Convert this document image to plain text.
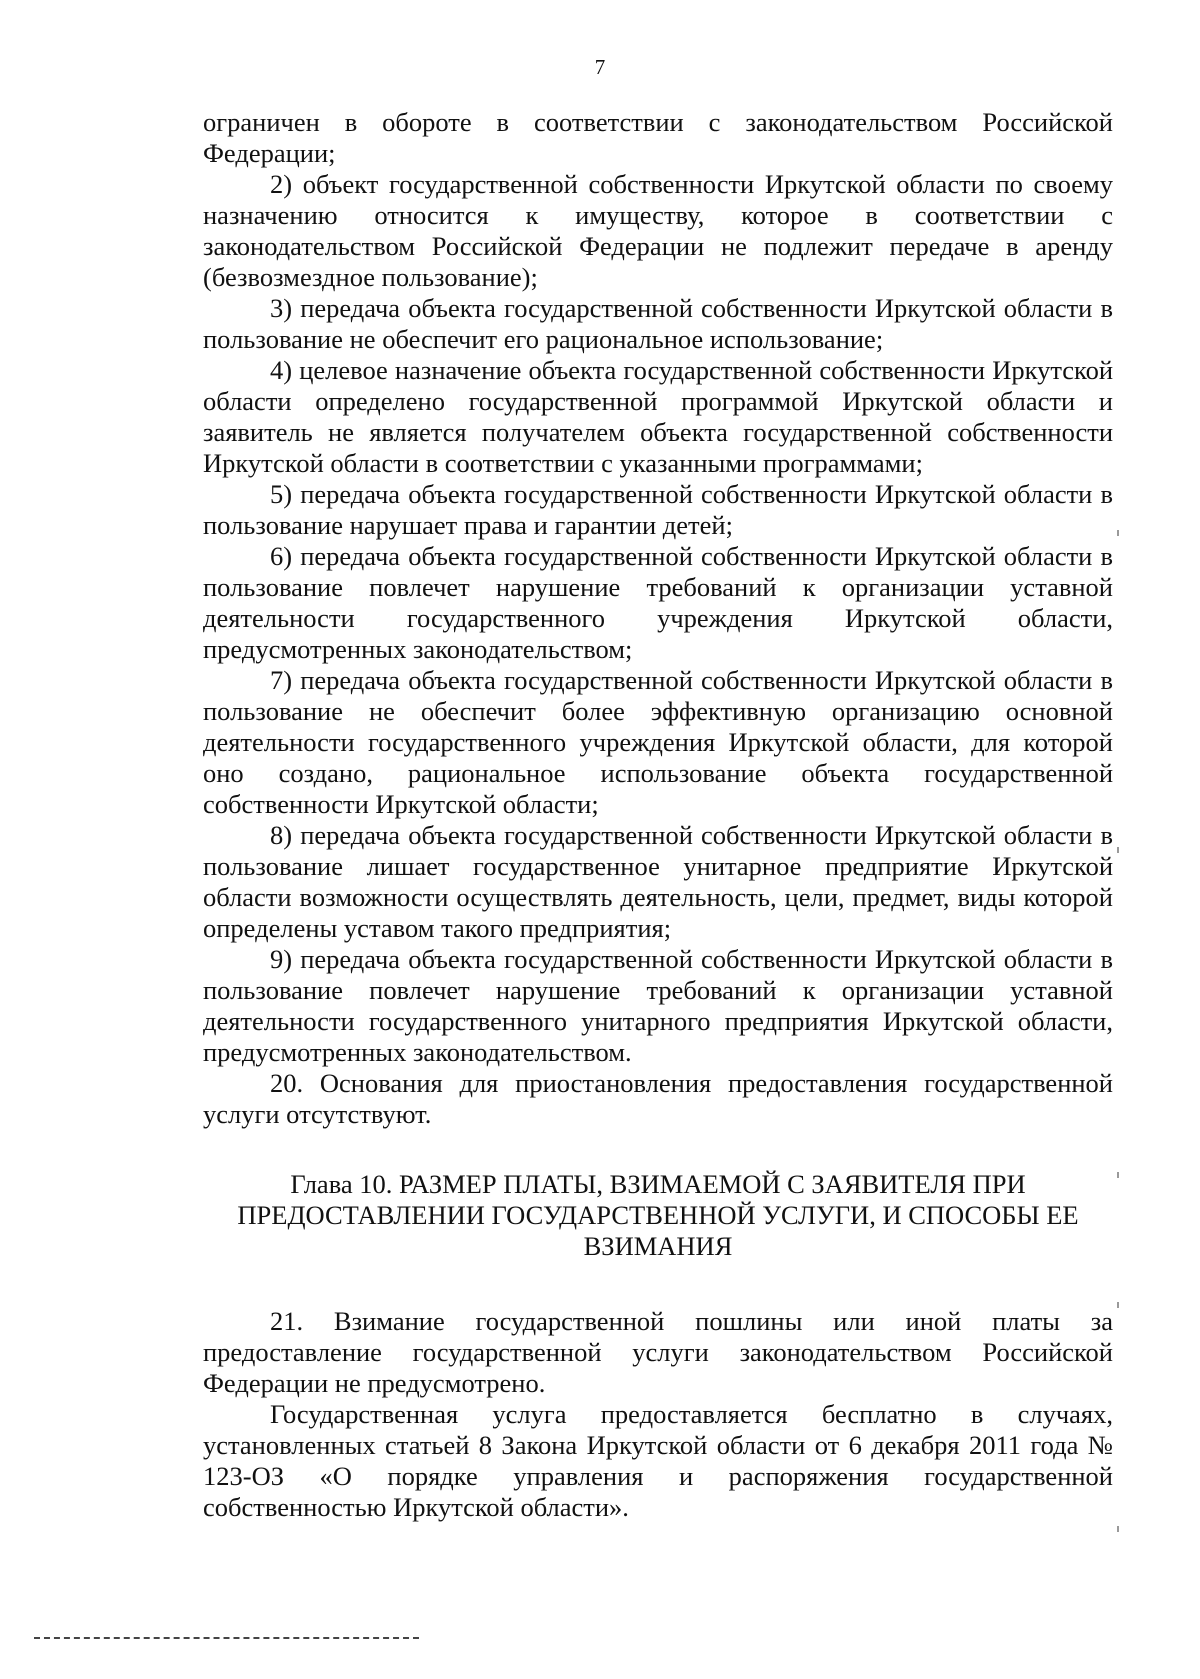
7

ограничен в обороте в соответствии с законодательством Российской Федерации;

2) объект государственной собственности Иркутской области по своему назначению относится к имуществу, которое в соответствии с законодательством Российской Федерации не подлежит передаче в аренду (безвозмездное пользование);

3) передача объекта государственной собственности Иркутской области в пользование не обеспечит его рациональное использование;

4) целевое назначение объекта государственной собственности Иркутской области определено государственной программой Иркутской области и заявитель не является получателем объекта государственной собственности Иркутской области в соответствии с указанными программами;

5) передача объекта государственной собственности Иркутской области в пользование нарушает права и гарантии детей;

6) передача объекта государственной собственности Иркутской области в пользование повлечет нарушение требований к организации уставной деятельности государственного учреждения Иркутской области, предусмотренных законодательством;

7) передача объекта государственной собственности Иркутской области в пользование не обеспечит более эффективную организацию основной деятельности государственного учреждения Иркутской области, для которой оно создано, рациональное использование объекта государственной собственности Иркутской области;

8) передача объекта государственной собственности Иркутской области в пользование лишает государственное унитарное предприятие Иркутской области возможности осуществлять деятельность, цели, предмет, виды которой определены уставом такого предприятия;

9) передача объекта государственной собственности Иркутской области в пользование повлечет нарушение требований к организации уставной деятельности государственного унитарного предприятия Иркутской области, предусмотренных законодательством.

20. Основания для приостановления предоставления государственной услуги отсутствуют.

Глава 10. РАЗМЕР ПЛАТЫ, ВЗИМАЕМОЙ С ЗАЯВИТЕЛЯ ПРИ ПРЕДОСТАВЛЕНИИ ГОСУДАРСТВЕННОЙ УСЛУГИ, И СПОСОБЫ ЕЕ ВЗИМАНИЯ

21. Взимание государственной пошлины или иной платы за предоставление государственной услуги законодательством Российской Федерации не предусмотрено.

Государственная услуга предоставляется бесплатно в случаях, установленных статьей 8 Закона Иркутской области от 6 декабря 2011 года № 123-ОЗ «О порядке управления и распоряжения государственной собственностью Иркутской области».
